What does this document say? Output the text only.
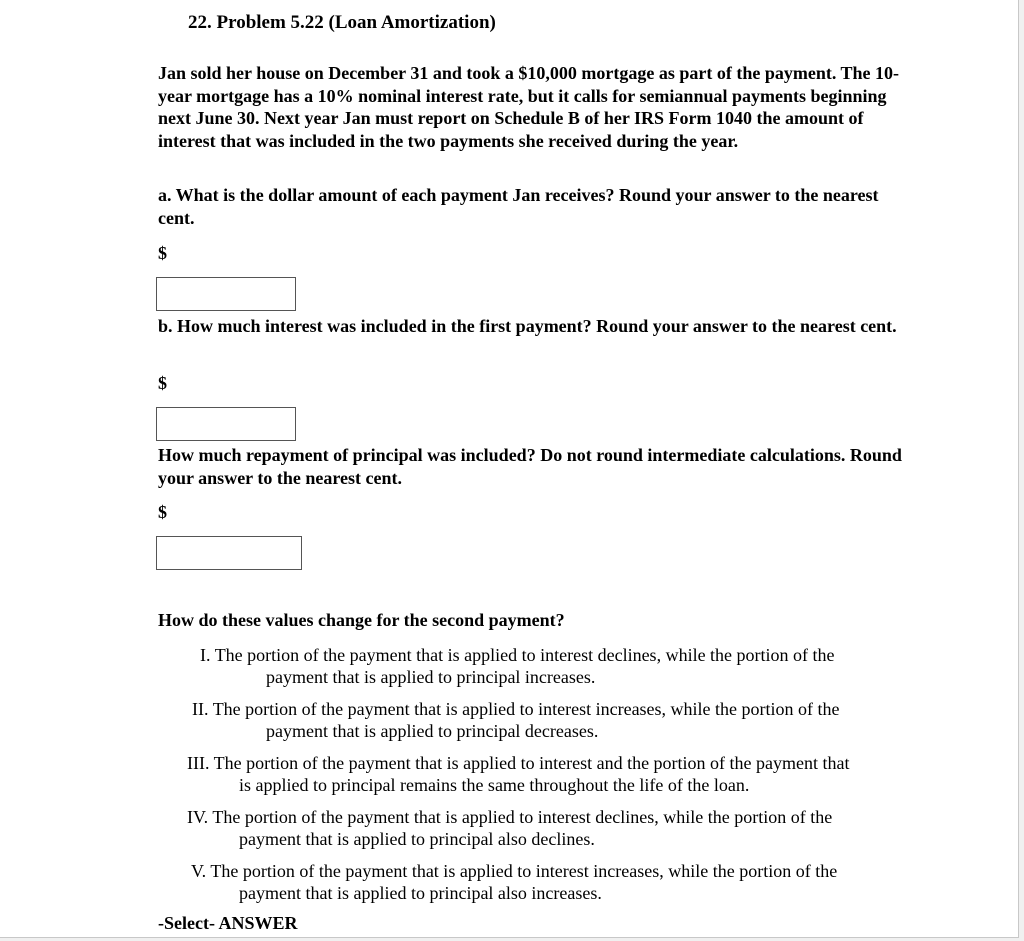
22. Problem 5.22 (Loan Amortization)
Jan sold her house on December 31 and took a $10,000 mortgage as part of the payment. The 10-year mortgage has a 10% nominal interest rate, but it calls for semiannual payments beginning next June 30. Next year Jan must report on Schedule B of her IRS Form 1040 the amount of interest that was included in the two payments she received during the year.
a. What is the dollar amount of each payment Jan receives? Round your answer to the nearest cent.
$
b. How much interest was included in the first payment? Round your answer to the nearest cent.
$
How much repayment of principal was included? Do not round intermediate calculations. Round your answer to the nearest cent.
$
How do these values change for the second payment?
I. The portion of the payment that is applied to interest declines, while the portion of the
payment that is applied to principal increases.
II. The portion of the payment that is applied to interest increases, while the portion of the
payment that is applied to principal decreases.
III. The portion of the payment that is applied to interest and the portion of the payment that
is applied to principal remains the same throughout the life of the loan.
IV. The portion of the payment that is applied to interest declines, while the portion of the
payment that is applied to principal also declines.
V. The portion of the payment that is applied to interest increases, while the portion of the
payment that is applied to principal also increases.
-Select- ANSWER
